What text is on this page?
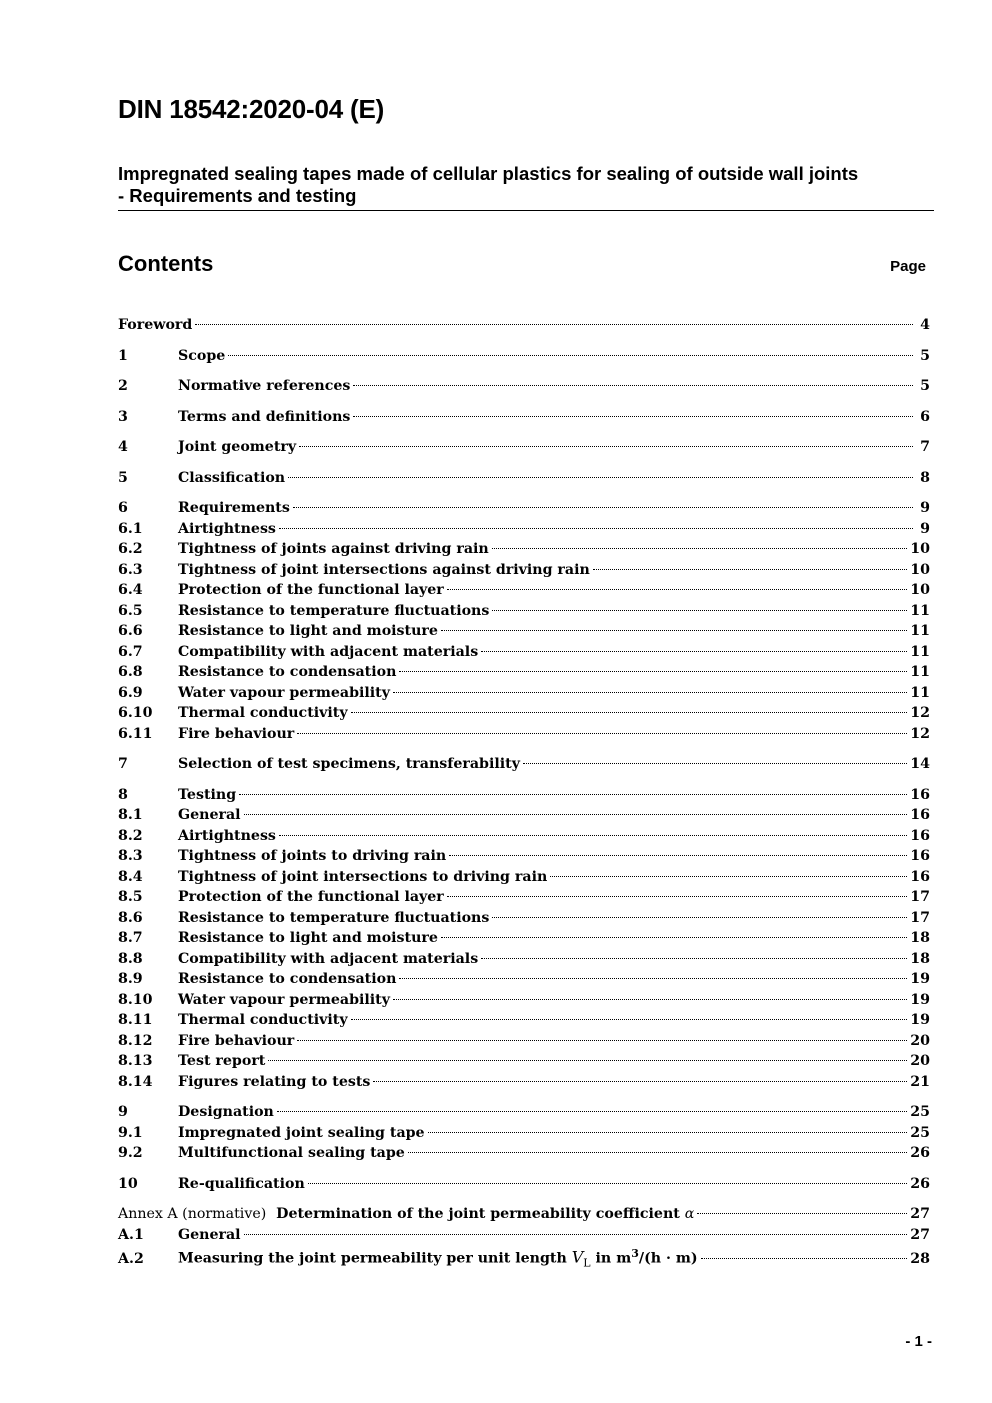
DIN 18542:2020-04 (E)
Impregnated sealing tapes made of cellular plastics for sealing of outside wall joints
- Requirements and testing
Contents	Page
Foreword	4
1	Scope	5
2	Normative references	5
3	Terms and definitions	6
4	Joint geometry	7
5	Classification	8
6	Requirements	9
6.1	Airtightness	9
6.2	Tightness of joints against driving rain	10
6.3	Tightness of joint intersections against driving rain	10
6.4	Protection of the functional layer	10
6.5	Resistance to temperature fluctuations	11
6.6	Resistance to light and moisture	11
6.7	Compatibility with adjacent materials	11
6.8	Resistance to condensation	11
6.9	Water vapour permeability	11
6.10	Thermal conductivity	12
6.11	Fire behaviour	12
7	Selection of test specimens, transferability	14
8	Testing	16
8.1	General	16
8.2	Airtightness	16
8.3	Tightness of joints to driving rain	16
8.4	Tightness of joint intersections to driving rain	16
8.5	Protection of the functional layer	17
8.6	Resistance to temperature fluctuations	17
8.7	Resistance to light and moisture	18
8.8	Compatibility with adjacent materials	18
8.9	Resistance to condensation	19
8.10	Water vapour permeability	19
8.11	Thermal conductivity	19
8.12	Fire behaviour	20
8.13	Test report	20
8.14	Figures relating to tests	21
9	Designation	25
9.1	Impregnated joint sealing tape	25
9.2	Multifunctional sealing tape	26
10	Re-qualification	26
Annex A (normative) Determination of the joint permeability coefficient α	27
A.1	General	27
A.2	Measuring the joint permeability per unit length $V_L$ in $m^3/(h \cdot m)$	28
- 1 -
